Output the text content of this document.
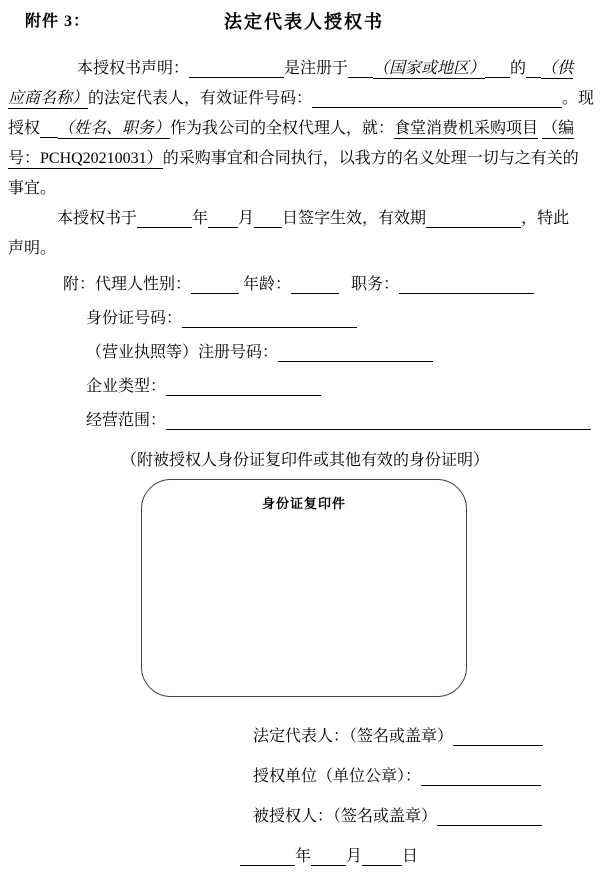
附件 3：	法定代表人授权书
本授权书声明：	是注册于 （国家或地区） 的 （供
应商名称）的法定代表人，有效证件号码：	。现
授权 （姓名、职务）作为我公司的全权代理人，就：食堂消费机采购项目 （编
号：PCHQ20210031）的采购事宜和合同执行，以我方的名义处理一切与之有关的
事宜。
本授权书于	年 月 日签字生效，有效期	，特此
声明。
附：代理人性别：	年龄：	职务：
身份证号码：
（营业执照等）注册号码：
企业类型：
经营范围：
（附被授权人身份证复印件或其他有效的身份证明）
身份证复印件
法定代表人：（签名或盖章）
授权单位（单位公章）：
被授权人：（签名或盖章）
年 月	日
